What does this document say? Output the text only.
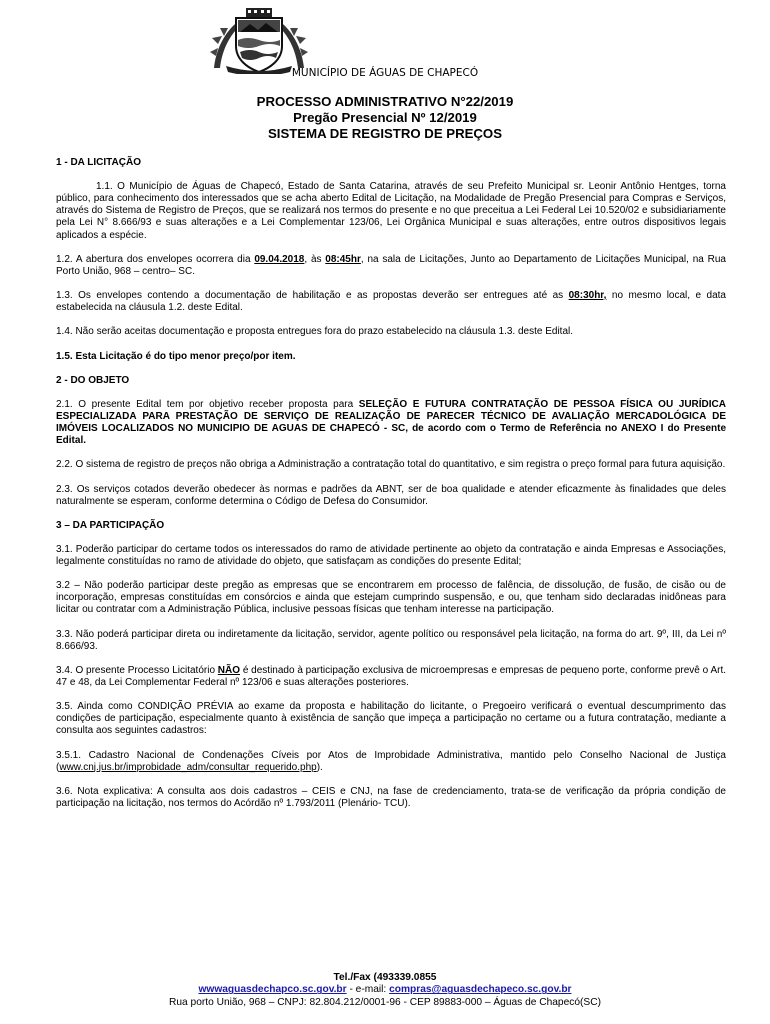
MUNICÍPIO DE ÁGUAS DE CHAPECÓ
PROCESSO ADMINISTRATIVO N°22/2019
Pregão Presencial Nº 12/2019
SISTEMA DE REGISTRO DE PREÇOS

1 - DA LICITAÇÃO

1.1. O Município de Águas de Chapecó, Estado de Santa Catarina, através de seu Prefeito Municipal sr. Leonir Antônio Hentges, torna público, para conhecimento dos interessados que se acha aberto Edital de Licitação, na Modalidade de Pregão Presencial para Compras e Serviços, através do Sistema de Registro de Preços, que se realizará nos termos do presente e no que preceitua a Lei Federal Lei 10.520/02 e subsidiariamente pela Lei N° 8.666/93 e suas alterações e a Lei Complementar 123/06, Lei Orgânica Municipal e suas alterações, entre outros dispositivos legais aplicados a espécie.

1.2. A abertura dos envelopes ocorrera dia 09.04.2018, às 08:45hr, na sala de Licitações, Junto ao Departamento de Licitações Municipal, na Rua Porto União, 968 – centro– SC.

1.3. Os envelopes contendo a documentação de habilitação e as propostas deverão ser entregues até as 08:30hr, no mesmo local, e data estabelecida na cláusula 1.2. deste Edital.

1.4. Não serão aceitas documentação e proposta entregues fora do prazo estabelecido na cláusula 1.3. deste Edital.

1.5. Esta Licitação é do tipo menor preço/por item.

2 - DO OBJETO

2.1. O presente Edital tem por objetivo receber proposta para SELEÇÃO E FUTURA CONTRATAÇÃO DE PESSOA FÍSICA OU JURÍDICA ESPECIALIZADA PARA PRESTAÇÃO DE SERVIÇO DE REALIZAÇÃO DE PARECER TÉCNICO DE AVALIAÇÃO MERCADOLÓGICA DE IMÓVEIS LOCALIZADOS NO MUNICIPIO DE AGUAS DE CHAPECÓ - SC, de acordo com o Termo de Referência no ANEXO I do Presente Edital.

2.2. O sistema de registro de preços não obriga a Administração a contratação total do quantitativo, e sim registra o preço formal para futura aquisição.

2.3. Os serviços cotados deverão obedecer às normas e padrões da ABNT, ser de boa qualidade e atender eficazmente às finalidades que deles naturalmente se esperam, conforme determina o Código de Defesa do Consumidor.

3 – DA PARTICIPAÇÃO

3.1. Poderão participar do certame todos os interessados do ramo de atividade pertinente ao objeto da contratação e ainda Empresas e Associações, legalmente constituídas no ramo de atividade do objeto, que satisfaçam as condições do presente Edital;

3.2 – Não poderão participar deste pregão as empresas que se encontrarem em processo de falência, de dissolução, de fusão, de cisão ou de incorporação, empresas constituídas em consórcios e ainda que estejam cumprindo suspensão, e ou, que tenham sido declaradas inidôneas para licitar ou contratar com a Administração Pública, inclusive pessoas físicas que tenham interesse na participação.

3.3. Não poderá participar direta ou indiretamente da licitação, servidor, agente político ou responsável pela licitação, na forma do art. 9º, III, da Lei nº 8.666/93.

3.4. O presente Processo Licitatório NÃO é destinado à participação exclusiva de microempresas e empresas de pequeno porte, conforme prevê o Art. 47 e 48, da Lei Complementar Federal nº 123/06 e suas alterações posteriores.

3.5. Ainda como CONDIÇÃO PRÉVIA ao exame da proposta e habilitação do licitante, o Pregoeiro verificará o eventual descumprimento das condições de participação, especialmente quanto à existência de sanção que impeça a participação no certame ou a futura contratação, mediante a consulta aos seguintes cadastros:

3.5.1. Cadastro Nacional de Condenações Cíveis por Atos de Improbidade Administrativa, mantido pelo Conselho Nacional de Justiça (www.cnj.jus.br/improbidade_adm/consultar_requerido.php).

3.6. Nota explicativa: A consulta aos dois cadastros – CEIS e CNJ, na fase de credenciamento, trata-se de verificação da própria condição de participação na licitação, nos termos do Acórdão nº 1.793/2011 (Plenário- TCU).

Tel./Fax (493339.0855
wwwaguasdechapco.sc.gov.br - e-mail: compras@aguasdechapeco.sc.gov.br
Rua porto União, 968 – CNPJ: 82.804.212/0001-96 - CEP 89883-000 – Águas de Chapecó(SC)
